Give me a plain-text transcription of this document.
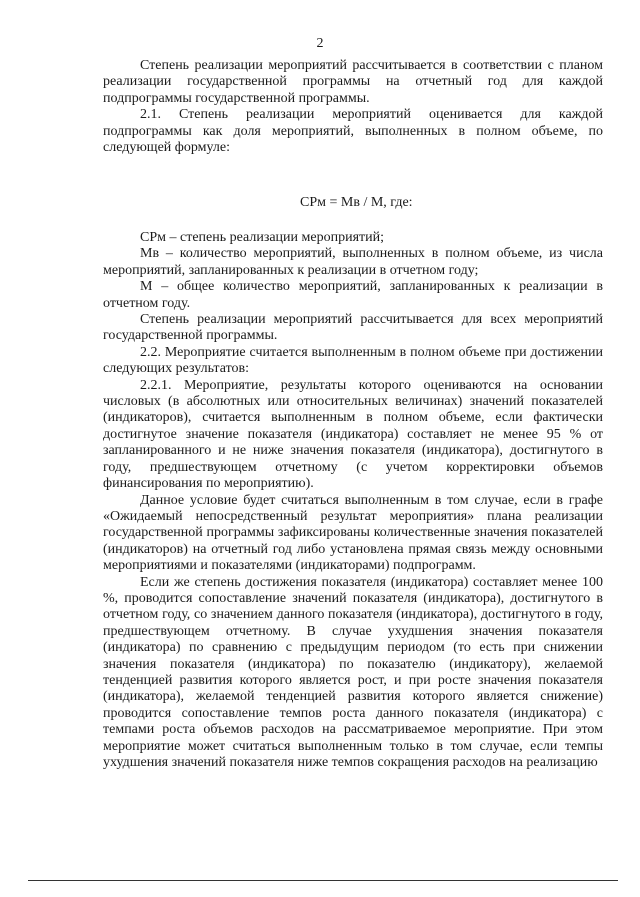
2

Степень реализации мероприятий рассчитывается в соответствии с планом реализации государственной программы на отчетный год для каждой подпрограммы государственной программы.

2.1. Степень реализации мероприятий оценивается для каждой подпрограммы как доля мероприятий, выполненных в полном объеме, по следующей формуле:

СРм = Мв / М, где:

СРм – степень реализации мероприятий;

Мв – количество мероприятий, выполненных в полном объеме, из числа мероприятий, запланированных к реализации в отчетном году;

М – общее количество мероприятий, запланированных к реализации в отчетном году.

Степень реализации мероприятий рассчитывается для всех мероприятий государственной программы.

2.2. Мероприятие считается выполненным в полном объеме при достижении следующих результатов:

2.2.1. Мероприятие, результаты которого оцениваются на основании числовых (в абсолютных или относительных величинах) значений показателей (индикаторов), считается выполненным в полном объеме, если фактически достигнутое значение показателя (индикатора) составляет не менее 95 % от запланированного и не ниже значения показателя (индикатора), достигнутого в году, предшествующем отчетному (с учетом корректировки объемов финансирования по мероприятию).

Данное условие будет считаться выполненным в том случае, если в графе «Ожидаемый непосредственный результат мероприятия» плана реализации государственной программы зафиксированы количественные значения показателей (индикаторов) на отчетный год либо установлена прямая связь между основными мероприятиями и показателями (индикаторами) подпрограмм.

Если же степень достижения показателя (индикатора) составляет менее 100 %, проводится сопоставление значений показателя (индикатора), достигнутого в отчетном году, со значением данного показателя (индикатора), достигнутого в году, предшествующем отчетному. В случае ухудшения значения показателя (индикатора) по сравнению с предыдущим периодом (то есть при снижении значения показателя (индикатора) по показателю (индикатору), желаемой тенденцией развития которого является рост, и при росте значения показателя (индикатора), желаемой тенденцией развития которого является снижение) проводится сопоставление темпов роста данного показателя (индикатора) с темпами роста объемов расходов на рассматриваемое мероприятие. При этом мероприятие может считаться выполненным только в том случае, если темпы ухудшения значений показателя ниже темпов сокращения расходов на реализацию
